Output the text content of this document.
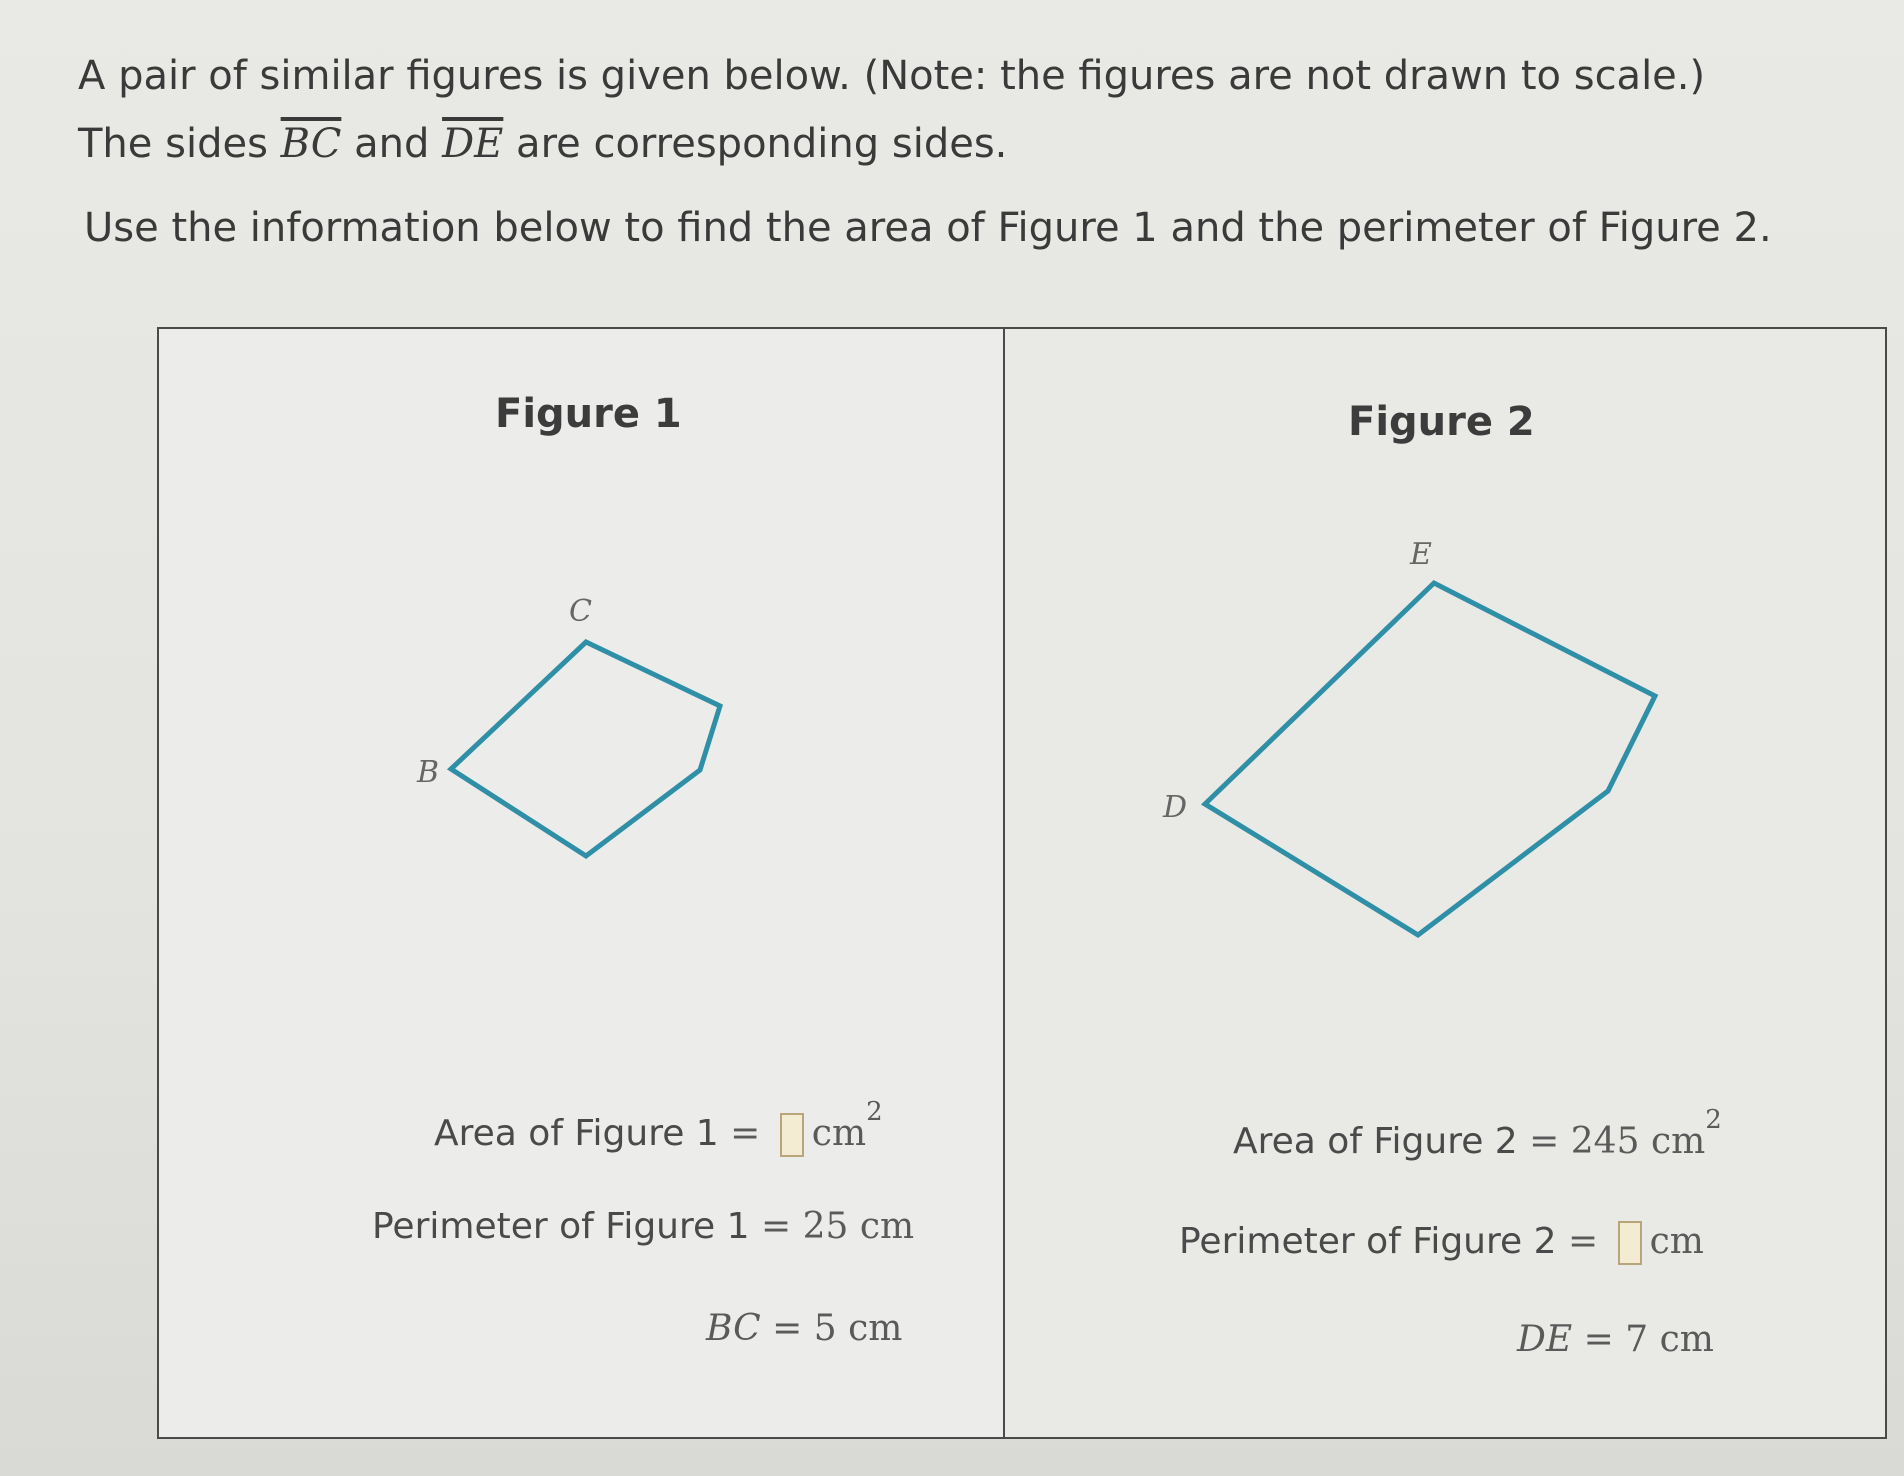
A pair of similar figures is given below. (Note: the figures are not drawn to scale.)

The sides $\overline{BC}$ and $\overline{DE}$ are corresponding sides.

Use the information below to find the area of Figure 1 and the perimeter of Figure 2.
Figure 1
B
C
Area of Figure $1 = cm^2$
Perimeter of Figure 1 = 25 cm
BC = 5 cm
Figure 2
D
E
Area of Figure 2 = 245 $cm^2$
Perimeter of Figure 2 = cm
DE = 7 cm
